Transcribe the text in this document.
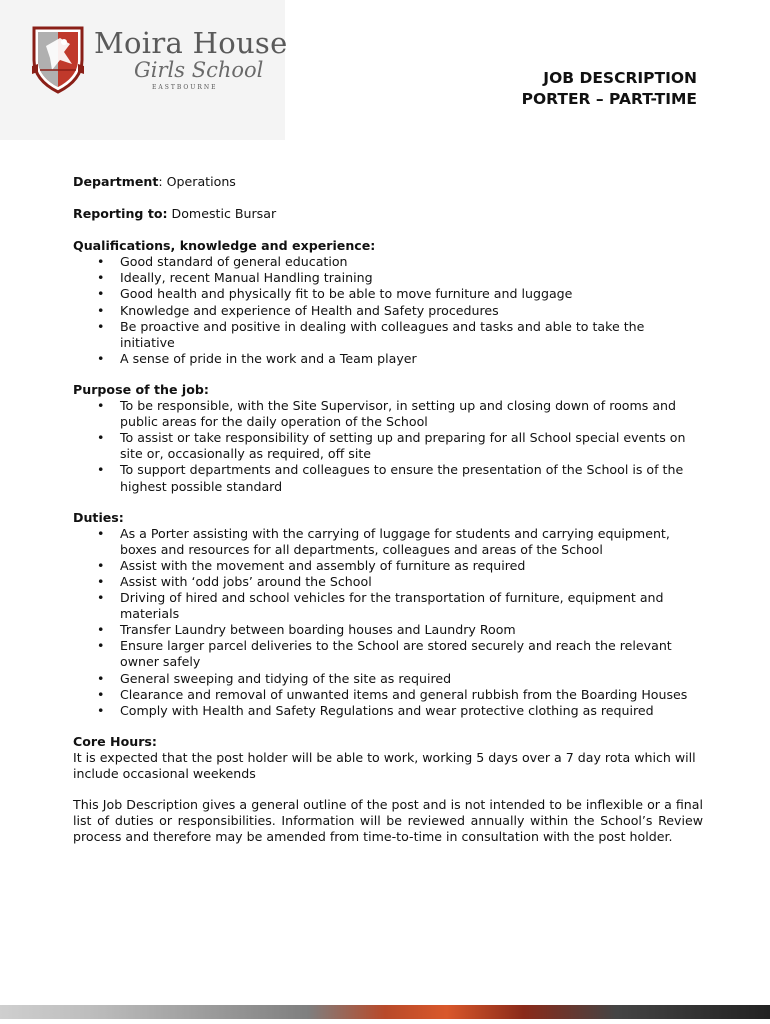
Moira House
Girls School
EASTBOURNE
JOB DESCRIPTION
PORTER – PART-TIME
Department: Operations
Reporting to: Domestic Bursar
Qualifications, knowledge and experience:
• Good standard of general education
• Ideally, recent Manual Handling training
• Good health and physically fit to be able to move furniture and luggage
• Knowledge and experience of Health and Safety procedures
• Be proactive and positive in dealing with colleagues and tasks and able to take the initiative
• A sense of pride in the work and a Team player
Purpose of the job:
• To be responsible, with the Site Supervisor, in setting up and closing down of rooms and public areas for the daily operation of the School
• To assist or take responsibility of setting up and preparing for all School special events on site or, occasionally as required, off site
• To support departments and colleagues to ensure the presentation of the School is of the highest possible standard
Duties:
• As a Porter assisting with the carrying of luggage for students and carrying equipment, boxes and resources for all departments, colleagues and areas of the School
• Assist with the movement and assembly of furniture as required
• Assist with ‘odd jobs’ around the School
• Driving of hired and school vehicles for the transportation of furniture, equipment and materials
• Transfer Laundry between boarding houses and Laundry Room
• Ensure larger parcel deliveries to the School are stored securely and reach the relevant owner safely
• General sweeping and tidying of the site as required
• Clearance and removal of unwanted items and general rubbish from the Boarding Houses
• Comply with Health and Safety Regulations and wear protective clothing as required
Core Hours:
It is expected that the post holder will be able to work, working 5 days over a 7 day rota which will include occasional weekends
This Job Description gives a general outline of the post and is not intended to be inflexible or a final list of duties or responsibilities. Information will be reviewed annually within the School’s Review process and therefore may be amended from time-to-time in consultation with the post holder.
